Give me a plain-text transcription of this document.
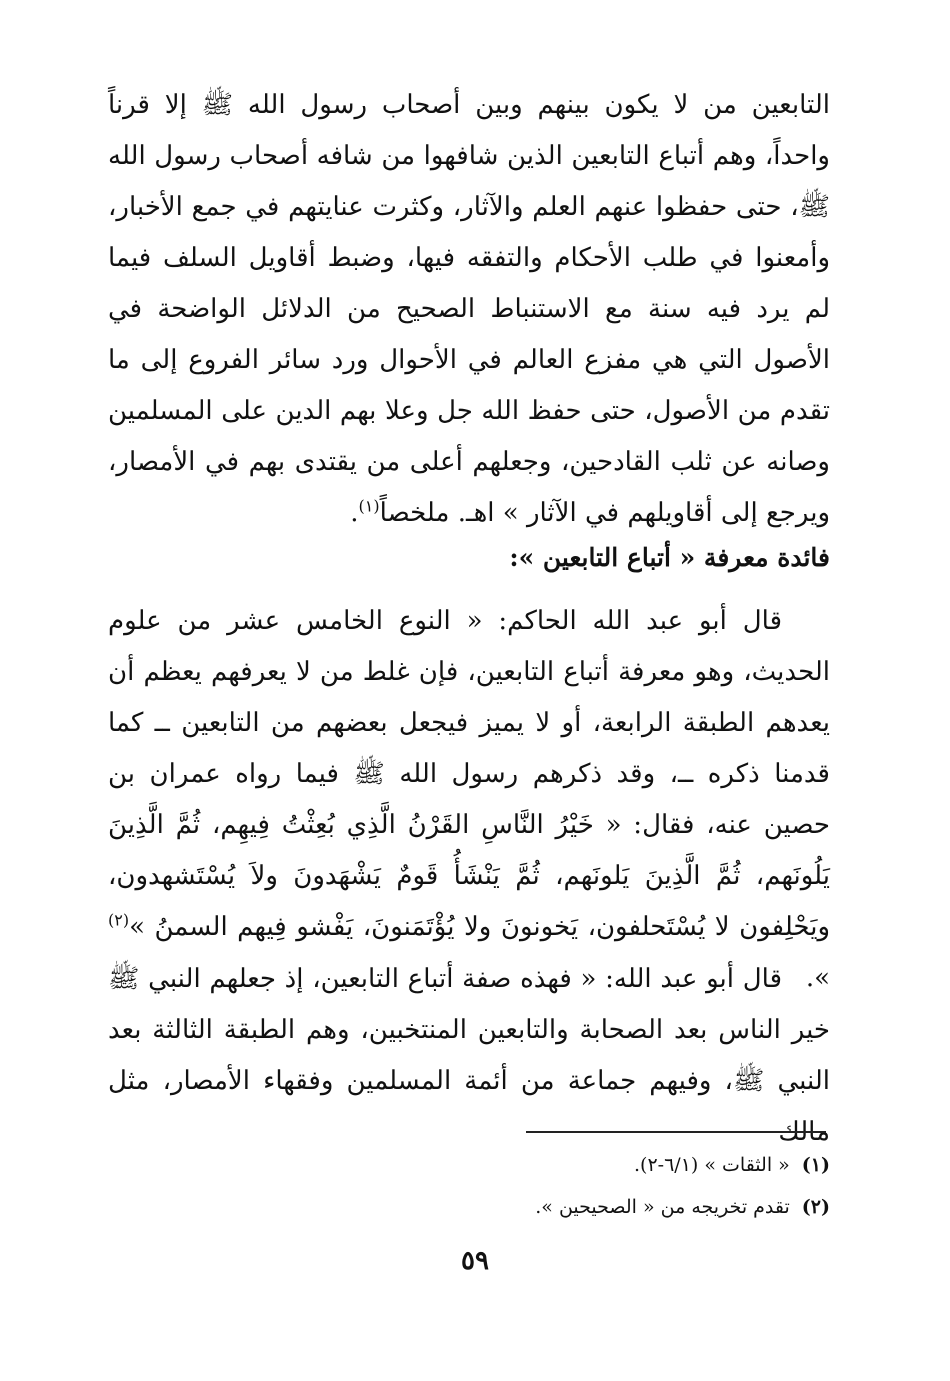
التابعين من لا يكون بينهم وبين أصحاب رسول الله ﷺ إلا قرناً واحداً، وهم أتباع التابعين الذين شافهوا من شافه أصحاب رسول الله ﷺ، حتى حفظوا عنهم العلم والآثار، وكثرت عنايتهم في جمع الأخبار، وأمعنوا في طلب الأحكام والتفقه فيها، وضبط أقاويل السلف فيما لم يرد فيه سنة مع الاستنباط الصحيح من الدلائل الواضحة في الأصول التي هي مفزع العالم في الأحوال ورد سائر الفروع إلى ما تقدم من الأصول، حتى حفظ الله جل وعلا بهم الدين على المسلمين وصانه عن ثلب القادحين، وجعلهم أعلى من يقتدى بهم في الأمصار، ويرجع إلى أقاويلهم في الآثار » اهـ. ملخصاً$^{(١)}$.

فائدة معرفة « أتباع التابعين »:

قال أبو عبد الله الحاكم: « النوع الخامس عشر من علوم الحديث، وهو معرفة أتباع التابعين، فإن غلط من لا يعرفهم يعظم أن يعدهم الطبقة الرابعة، أو لا يميز فيجعل بعضهم من التابعين ــ كما قدمنا ذكره ــ، وقد ذكرهم رسول الله ﷺ فيما رواه عمران بن حصين عنه، فقال: « خَيْرُ النَّاسِ القَرْنُ الَّذِي بُعِثْتُ فِيهِم، ثُمَّ الَّذِينَ يَلُونَهم، ثُمَّ الَّذِينَ يَلونَهم، ثُمَّ يَنْشَأُ قَومٌ يَشْهَدونَ ولاَ يُسْتَشهدون، ويَحْلِفون لا يُسْتَحلفون، يَخونونَ ولا يُؤْتَمَنونَ، يَفْشو فِيهم السمنُ »$^{(٢)}$ ».

قال أبو عبد الله: « فهذه صفة أتباع التابعين، إذ جعلهم النبي ﷺ خير الناس بعد الصحابة والتابعين المنتخبين، وهم الطبقة الثالثة بعد النبي ﷺ، وفيهم جماعة من أئمة المسلمين وفقهاء الأمصار، مثل مالك

(١)« الثقات » (٦/١-٢).
(٢)تقدم تخريجه من « الصحيحين ».
٥٩
